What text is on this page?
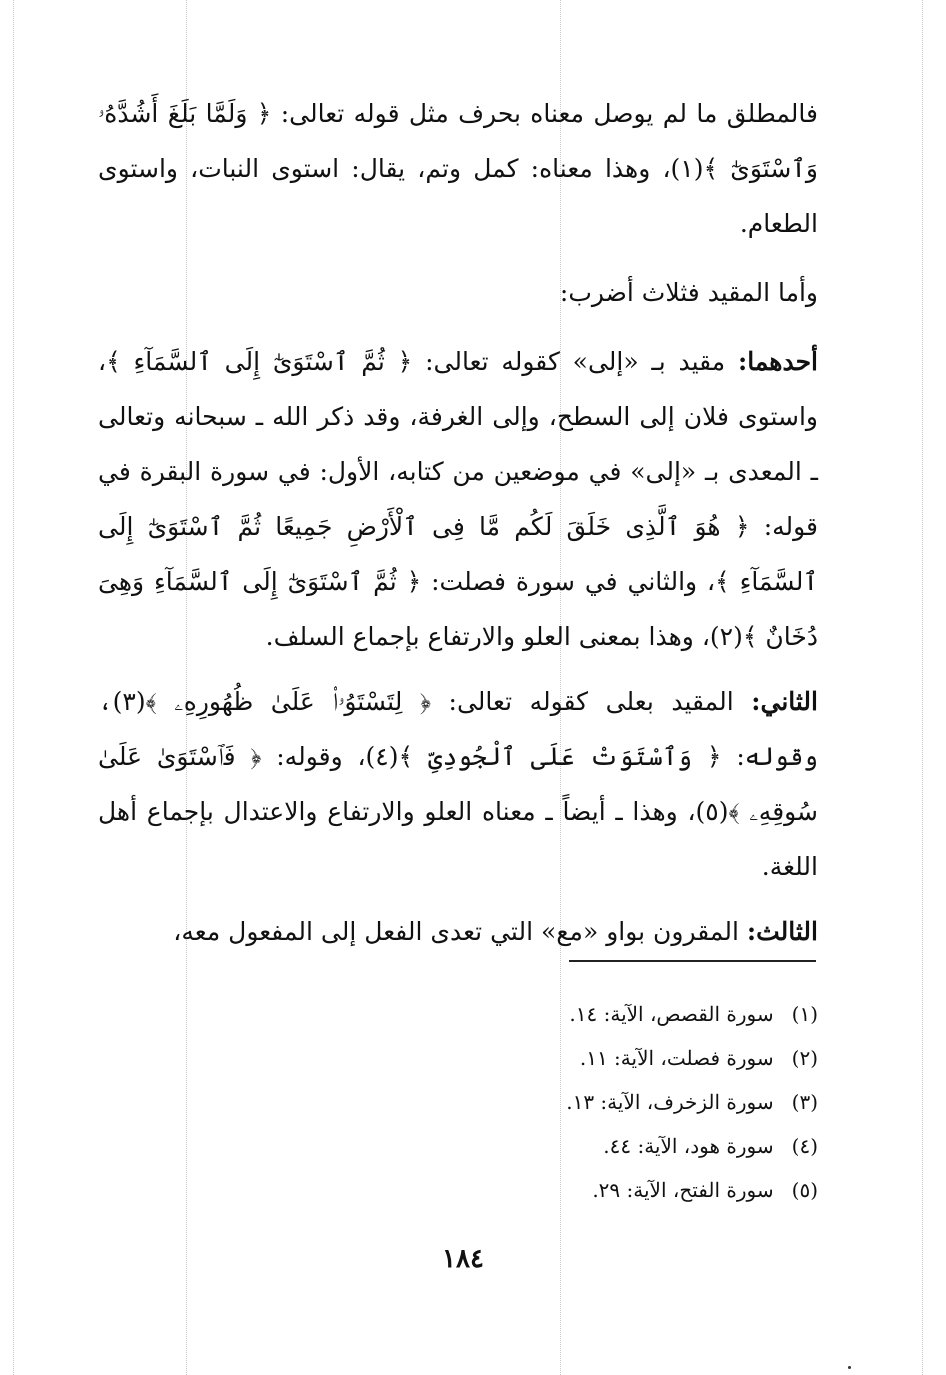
فالمطلق ما لم يوصل معناه بحرف مثل قوله تعالى: ﴿ وَلَمَّا بَلَغَ أَشُدَّهُۥ وَٱسْتَوَىٰٓ ﴾(١)، وهذا معناه: كمل وتم، يقال: استوى النبات، واستوى الطعام.

وأما المقيد فثلاث أضرب:

أحدهما: مقيد بـ «إلى» كقوله تعالى: ﴿ ثُمَّ ٱسْتَوَىٰٓ إِلَى ٱلسَّمَآءِ ﴾، واستوى فلان إلى السطح، وإلى الغرفة، وقد ذكر الله ـ سبحانه وتعالى ـ المعدى بـ «إلى» في موضعين من كتابه، الأول: في سورة البقرة في قوله: ﴿ هُوَ ٱلَّذِى خَلَقَ لَكُم مَّا فِى ٱلْأَرْضِ جَمِيعًا ثُمَّ ٱسْتَوَىٰٓ إِلَى ٱلسَّمَآءِ ﴾، والثاني في سورة فصلت: ﴿ ثُمَّ ٱسْتَوَىٰٓ إِلَى ٱلسَّمَآءِ وَهِىَ دُخَانٌ ﴾(٢)، وهذا بمعنى العلو والارتفاع بإجماع السلف.

الثاني: المقيد بعلى كقوله تعالى: ﴿ لِتَسْتَوُۥا۟ عَلَىٰ ظُهُورِهِۦ ﴾(٣)، وقوله: ﴿ وَٱسْتَوَتْ عَلَى ٱلْجُودِىِّ ﴾(٤)، وقوله: ﴿ فَٱسْتَوَىٰ عَلَىٰ سُوقِهِۦ ﴾(٥)، وهذا ـ أيضاً ـ معناه العلو والارتفاع والاعتدال بإجماع أهل اللغة.

الثالث: المقرون بواو «مع» التي تعدى الفعل إلى المفعول معه،

(١)
سورة القصص، الآية: ١٤.
(٢)
سورة فصلت، الآية: ١١.
(٣)
سورة الزخرف، الآية: ١٣.
(٤)
سورة هود، الآية: ٤٤.
(٥)
سورة الفتح، الآية: ٢٩.
١٨٤
